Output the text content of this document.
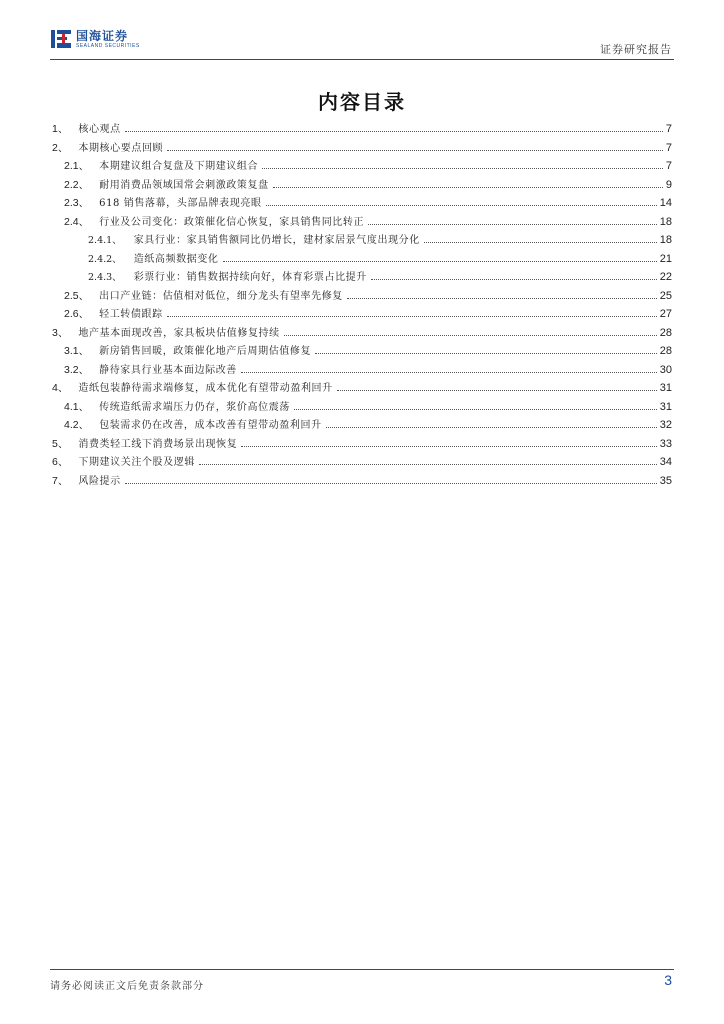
国海证券
SEALAND SECURITIES	证券研究报告
内容目录
1、 核心观点	7
2、 本期核心要点回顾	7
2.1、 本期建议组合复盘及下期建议组合	7
2.2、 耐用消费品领域国常会刺激政策复盘	9
2.3、 618 销售落幕，头部品牌表现亮眼	14
2.4、 行业及公司变化：政策催化信心恢复，家具销售同比转正	18
2.4.1、 家具行业：家具销售额同比仍增长，建材家居景气度出现分化	18
2.4.2、 造纸高频数据变化	21
2.4.3、 彩票行业：销售数据持续向好，体育彩票占比提升	22
2.5、 出口产业链：估值相对低位，细分龙头有望率先修复	25
2.6、 轻工转债跟踪	27
3、 地产基本面现改善，家具板块估值修复持续	28
3.1、 新房销售回暖，政策催化地产后周期估值修复	28
3.2、 静待家具行业基本面边际改善	30
4、 造纸包装静待需求端修复，成本优化有望带动盈利回升	31
4.1、 传统造纸需求端压力仍存，浆价高位震荡	31
4.2、 包装需求仍在改善，成本改善有望带动盈利回升	32
5、 消费类轻工线下消费场景出现恢复	33
6、 下期建议关注个股及逻辑	34
7、 风险提示	35
请务必阅读正文后免责条款部分	3
